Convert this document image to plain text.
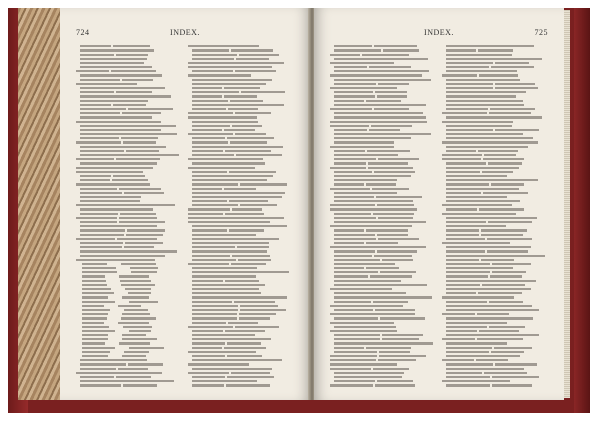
724	INDEX.	INDEX.	725
